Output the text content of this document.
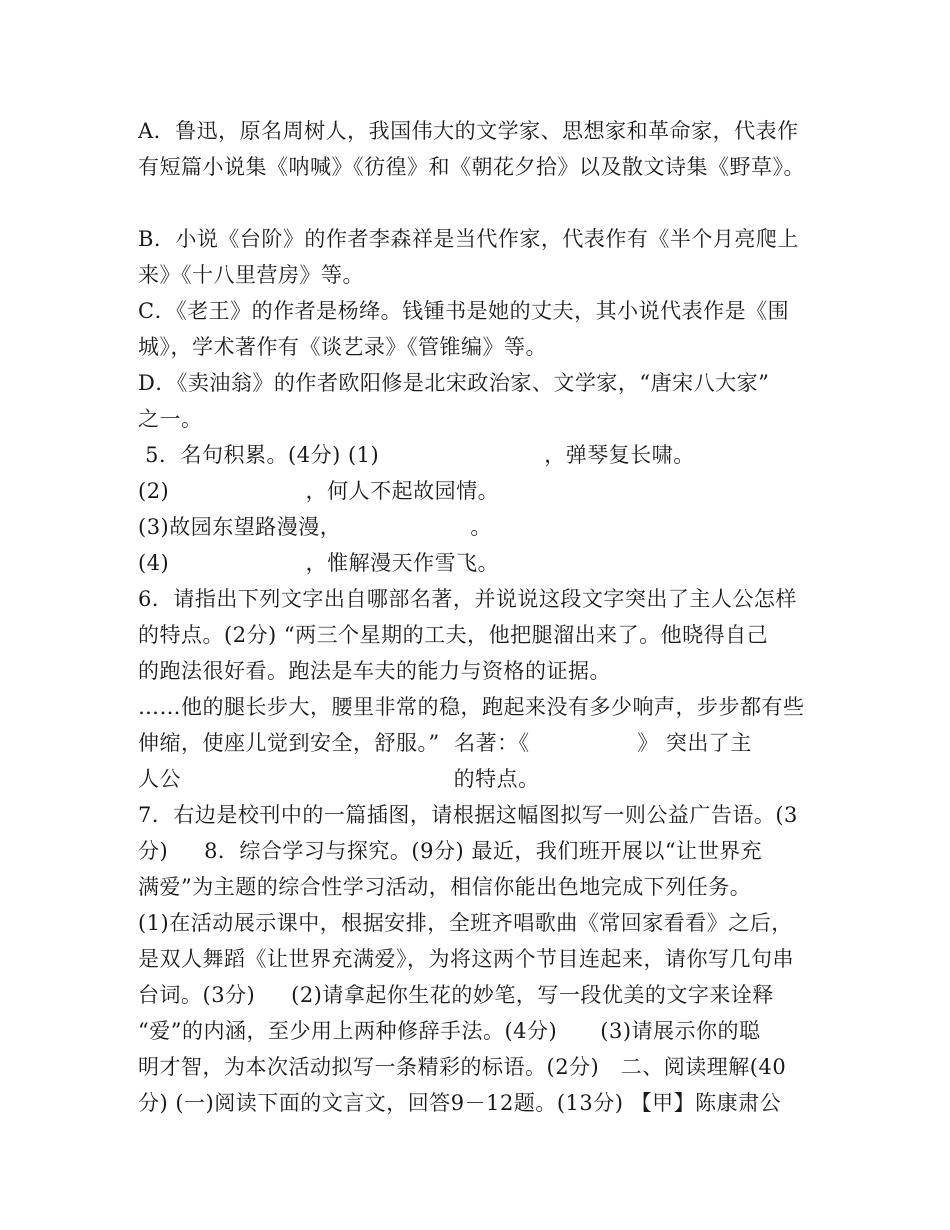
A．鲁迅，原名周树人，我国伟大的文学家、思想家和革命家，代表作
有短篇小说集《呐喊》《彷徨》和《朝花夕拾》以及散文诗集《野草》。
B．小说《台阶》的作者李森祥是当代作家，代表作有《半个月亮爬上
来》《十八里营房》等。
C．《老王》的作者是杨绛。钱锺书是她的丈夫，其小说代表作是《围
城》，学术著作有《谈艺录》《管锥编》等。
D．《卖油翁》的作者欧阳修是北宋政治家、文学家，“唐宋八大家”
之一。
5．名句积累。(4分) (1)                       ，弹琴复长啸。
(2)                   ，何人不起故园情。
(3)故园东望路漫漫，                  。
(4)                   ，惟解漫天作雪飞。
6．请指出下列文字出自哪部名著，并说说这段文字突出了主人公怎样
的特点。(2分) “两三个星期的工夫，他把腿溜出来了。他晓得自己
的跑法很好看。跑法是车夫的能力与资格的证据。
……他的腿长步大，腰里非常的稳，跑起来没有多少响声，步步都有些
伸缩，使座儿觉到安全，舒服。”  名著：《               》 突出了主
人公                                      的特点。
7．右边是校刊中的一篇插图，请根据这幅图拟写一则公益广告语。(3
分)     8．综合学习与探究。(9分) 最近，我们班开展以“让世界充
满爱”为主题的综合性学习活动，相信你能出色地完成下列任务。
(1)在活动展示课中，根据安排，全班齐唱歌曲《常回家看看》之后，
是双人舞蹈《让世界充满爱》，为将这两个节目连起来，请你写几句串
台词。(3分)     (2)请拿起你生花的妙笔，写一段优美的文字来诠释
“爱”的内涵，至少用上两种修辞手法。(4分)      (3)请展示你的聪
明才智，为本次活动拟写一条精彩的标语。(2分)   二、阅读理解(40
分) (一)阅读下面的文言文，回答9－12题。(13分) 【甲】陈康肃公
